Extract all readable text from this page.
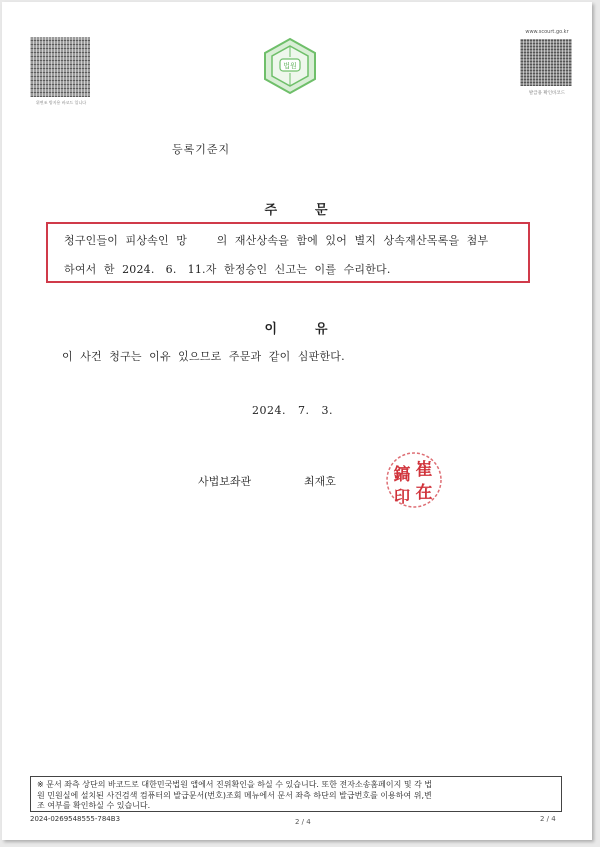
위변조 방지용 바코드 입니다
법원
www.scourt.go.kr
발급용 확인바코드
등록기준지
주	문
청구인들이  피상속인  망        의  재산상속을  함에  있어  별지  상속재산목록을  첨부
하여서  한  2024.   6.   11.자  한정승인  신고는  이를  수리한다.
이	유
이  사건  청구는  이유  있으므로  주문과  같이  심판한다.
2024.   7.   3.
사법보좌관	최재호
崔
在
鎬
印
※ 문서 좌측 상단의 바코드로 대한민국법원 앱에서 진위확인을 하실 수 있습니다. 또한 전자소송홈페이지 및 각 법
원 민원실에 설치된 사건검색 컴퓨터의 발급문서(번호)조회 메뉴에서 문서 좌측 하단의 발급번호를 이용하여 위,변
조 여부를 확인하실 수 있습니다.
2024-0269548555-784B3	2 / 4	2 / 4
